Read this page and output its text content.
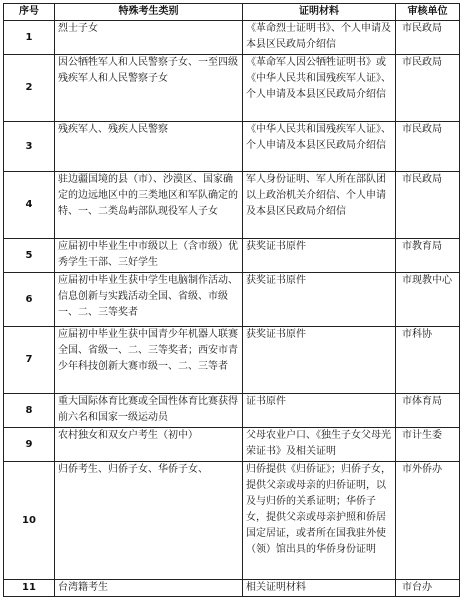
序号	特殊考生类别	证明材料	审核单位
1	烈士子女	《革命烈士证明书》、个人申请及本县区民政局介绍信	市民政局
2	因公牺牲军人和人民警察子女、一至四级残疾军人和人民警察子女	《革命军人因公牺牲证明书》或《中华人民共和国残疾军人证》、个人申请及本县区民政局介绍信	市民政局
3	残疾军人、残疾人民警察	《中华人民共和国残疾军人证》、个人申请及本县区民政局介绍信	市民政局
4	驻边疆国境的县（市）、沙漠区、国家确定的边远地区中的三类地区和军队确定的特、一、二类岛屿部队现役军人子女	军人身份证明、军人所在部队团以上政治机关介绍信、个人申请及本县区民政局介绍信	市民政局
5	应届初中毕业生中市级以上（含市级）优秀学生干部、三好学生	获奖证书原件	市教育局
6	应届初中毕业生获中学生电脑制作活动、信息创新与实践活动全国、省级、市级一、二、三等奖者	获奖证书原件	市现教中心
7	应届初中毕业生获中国青少年机器人联赛全国、省级一、二、三等奖者；西安市青少年科技创新大赛市级一、二、三等者	获奖证书原件	市科协
8	重大国际体育比赛或全国性体育比赛获得前六名和国家一级运动员	证书原件	市体育局
9	农村独女和双女户考生（初中）	父母农业户口、《独生子女父母光荣证书》及相关证明	市计生委
10	归侨考生、归侨子女、华侨子女、	归侨提供《归侨证》；归侨子女，提供父亲或母亲的归侨证明，以及与归侨的关系证明；华侨子女，提供父亲或母亲护照和侨居国定居证，或者所在国我驻外使（领）馆出具的华侨身份证明	市外侨办
11	台湾籍考生	相关证明材料	市台办
